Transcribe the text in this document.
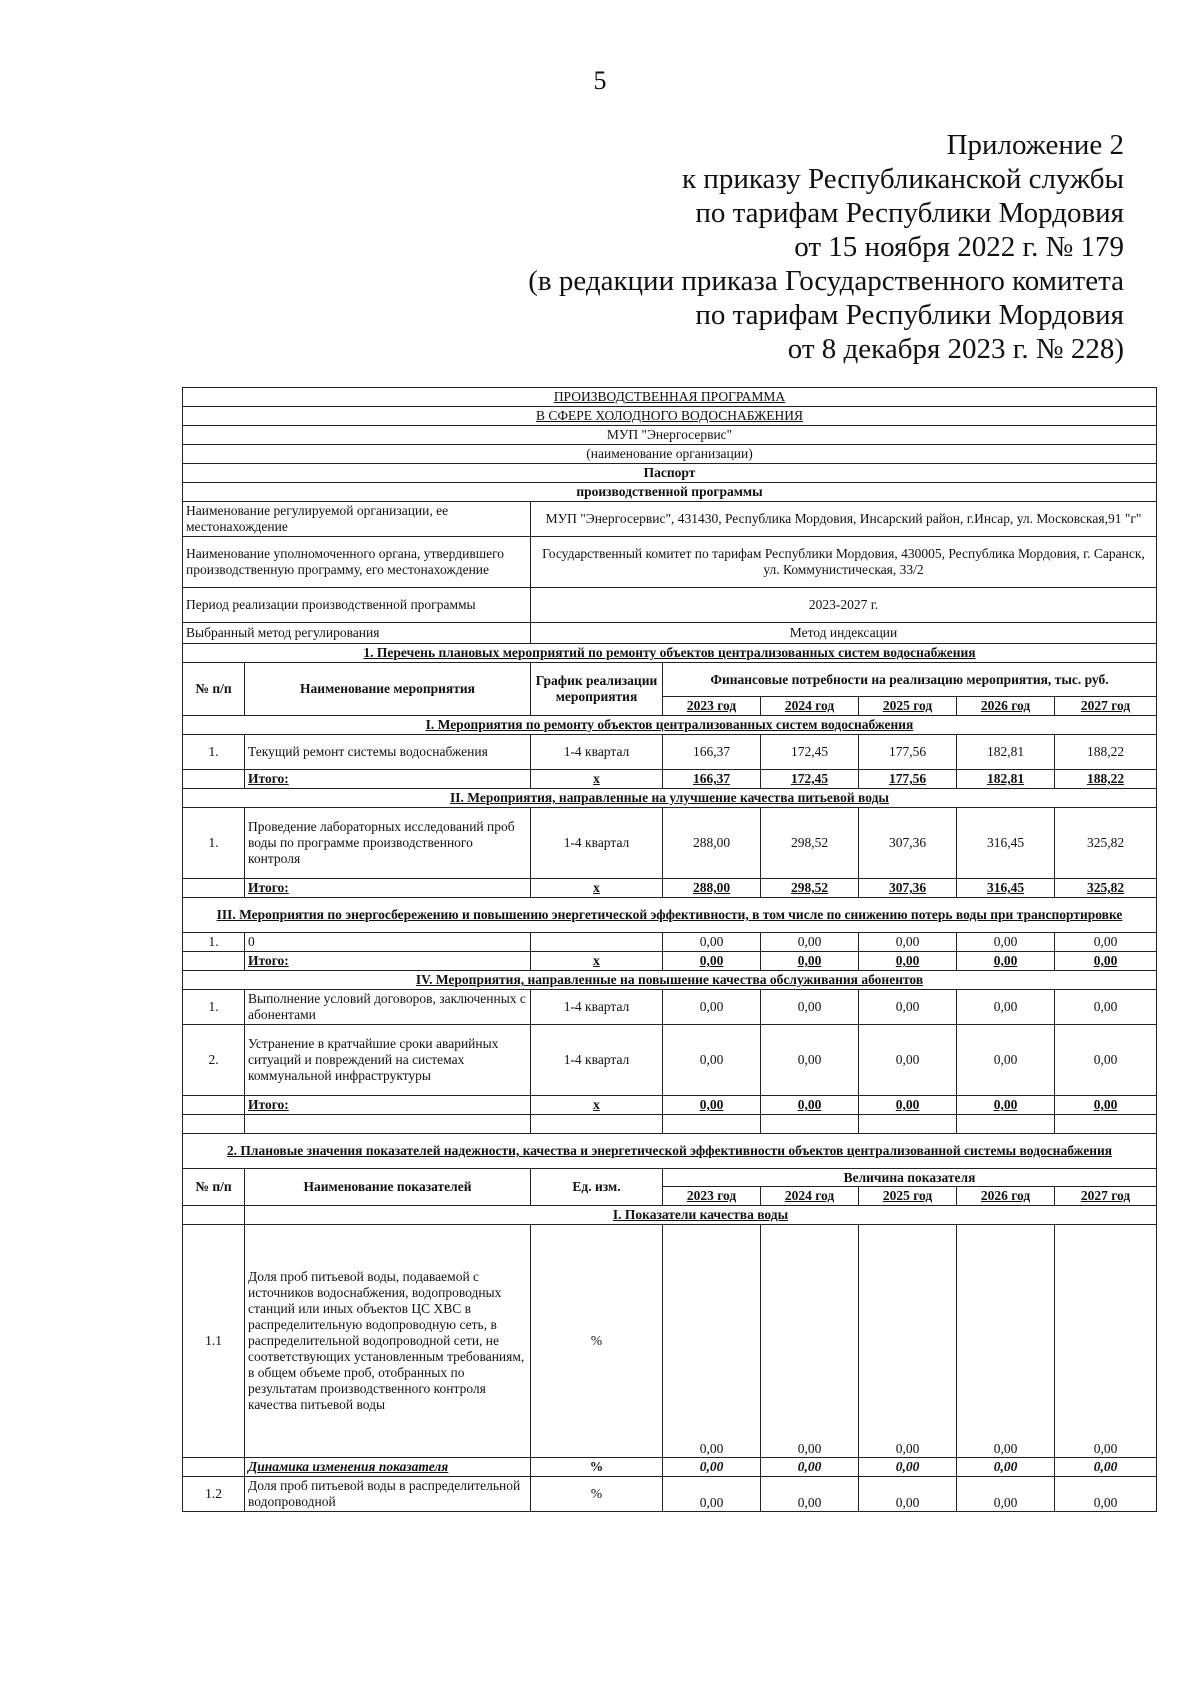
5
Приложение 2
к приказу Республиканской службы
по тарифам Республики Мордовия
от 15 ноября 2022 г. № 179
(в редакции приказа Государственного комитета
по тарифам Республики Мордовия
от 8 декабря 2023 г. № 228)
ПРОИЗВОДСТВЕННАЯ ПРОГРАММА							
В СФЕРЕ ХОЛОДНОГО ВОДОСНАБЖЕНИЯ							
МУП "Энергосервис"							
(наименование организации)							
Паспорт							
производственной программы							
Наименование регулируемой организации, ее местонахождение		МУП "Энергосервис", 431430, Республика Мордовия, Инсарский район, г.Инсар, ул. Московская,91 "г"					
Наименование уполномоченного органа, утвердившего производственную программу, его местонахождение		Государственный комитет по тарифам Республики Мордовия, 430005, Республика Мордовия, г. Саранск, ул. Коммунистическая, 33/2					
Период реализации производственной программы		2023-2027 г.					
Выбранный метод регулирования		Метод индексации					
1. Перечень плановых мероприятий по ремонту объектов централизованных систем водоснабжения							
№ п/п	Наименование мероприятия	График реализации мероприятия	Финансовые потребности на реализацию мероприятия, тыс. руб.				
			2023 год	2024 год	2025 год	2026 год	2027 год
I. Мероприятия по ремонту объектов централизованных систем водоснабжения							
1.	Текущий ремонт системы водоснабжения	1-4 квартал	166,37	172,45	177,56	182,81	188,22
	Итого:	х	166,37	172,45	177,56	182,81	188,22
II. Мероприятия, направленные на улучшение качества питьевой воды							
1.	Проведение лабораторных исследований проб воды по программе производственного контроля	1-4 квартал	288,00	298,52	307,36	316,45	325,82
	Итого:	х	288,00	298,52	307,36	316,45	325,82
III. Мероприятия по энергосбережению и повышению энергетической эффективности, в том числе по снижению потерь воды при транспортировке							
1.	0		0,00	0,00	0,00	0,00	0,00
	Итого:	х	0,00	0,00	0,00	0,00	0,00
IV. Мероприятия, направленные на повышение качества обслуживания абонентов							
1.	Выполнение условий договоров, заключенных с абонентами	1-4 квартал	0,00	0,00	0,00	0,00	0,00
2.	Устранение в кратчайшие сроки аварийных ситуаций и повреждений на системах коммунальной инфраструктуры	1-4 квартал	0,00	0,00	0,00	0,00	0,00
	Итого:	х	0,00	0,00	0,00	0,00	0,00

2. Плановые значения показателей надежности, качества и энергетической эффективности объектов централизованной системы водоснабжения							
№ п/п	Наименование показателей	Ед. изм.	Величина показателя				
			2023 год	2024 год	2025 год	2026 год	2027 год
	I. Показатели качества воды						
1.1	Доля проб питьевой воды, подаваемой с источников водоснабжения, водопроводных станций или иных объектов ЦС ХВС в распределительную водопроводную сеть, в распределительной водопроводной сети, не соответствующих установленным требованиям, в общем объеме проб, отобранных по результатам производственного контроля качества питьевой воды	%	0,00	0,00	0,00	0,00	0,00
	Динамика изменения показателя	%	0,00	0,00	0,00	0,00	0,00
1.2	Доля проб питьевой воды в распределительной водопроводной	%	0,00	0,00	0,00	0,00	0,00
